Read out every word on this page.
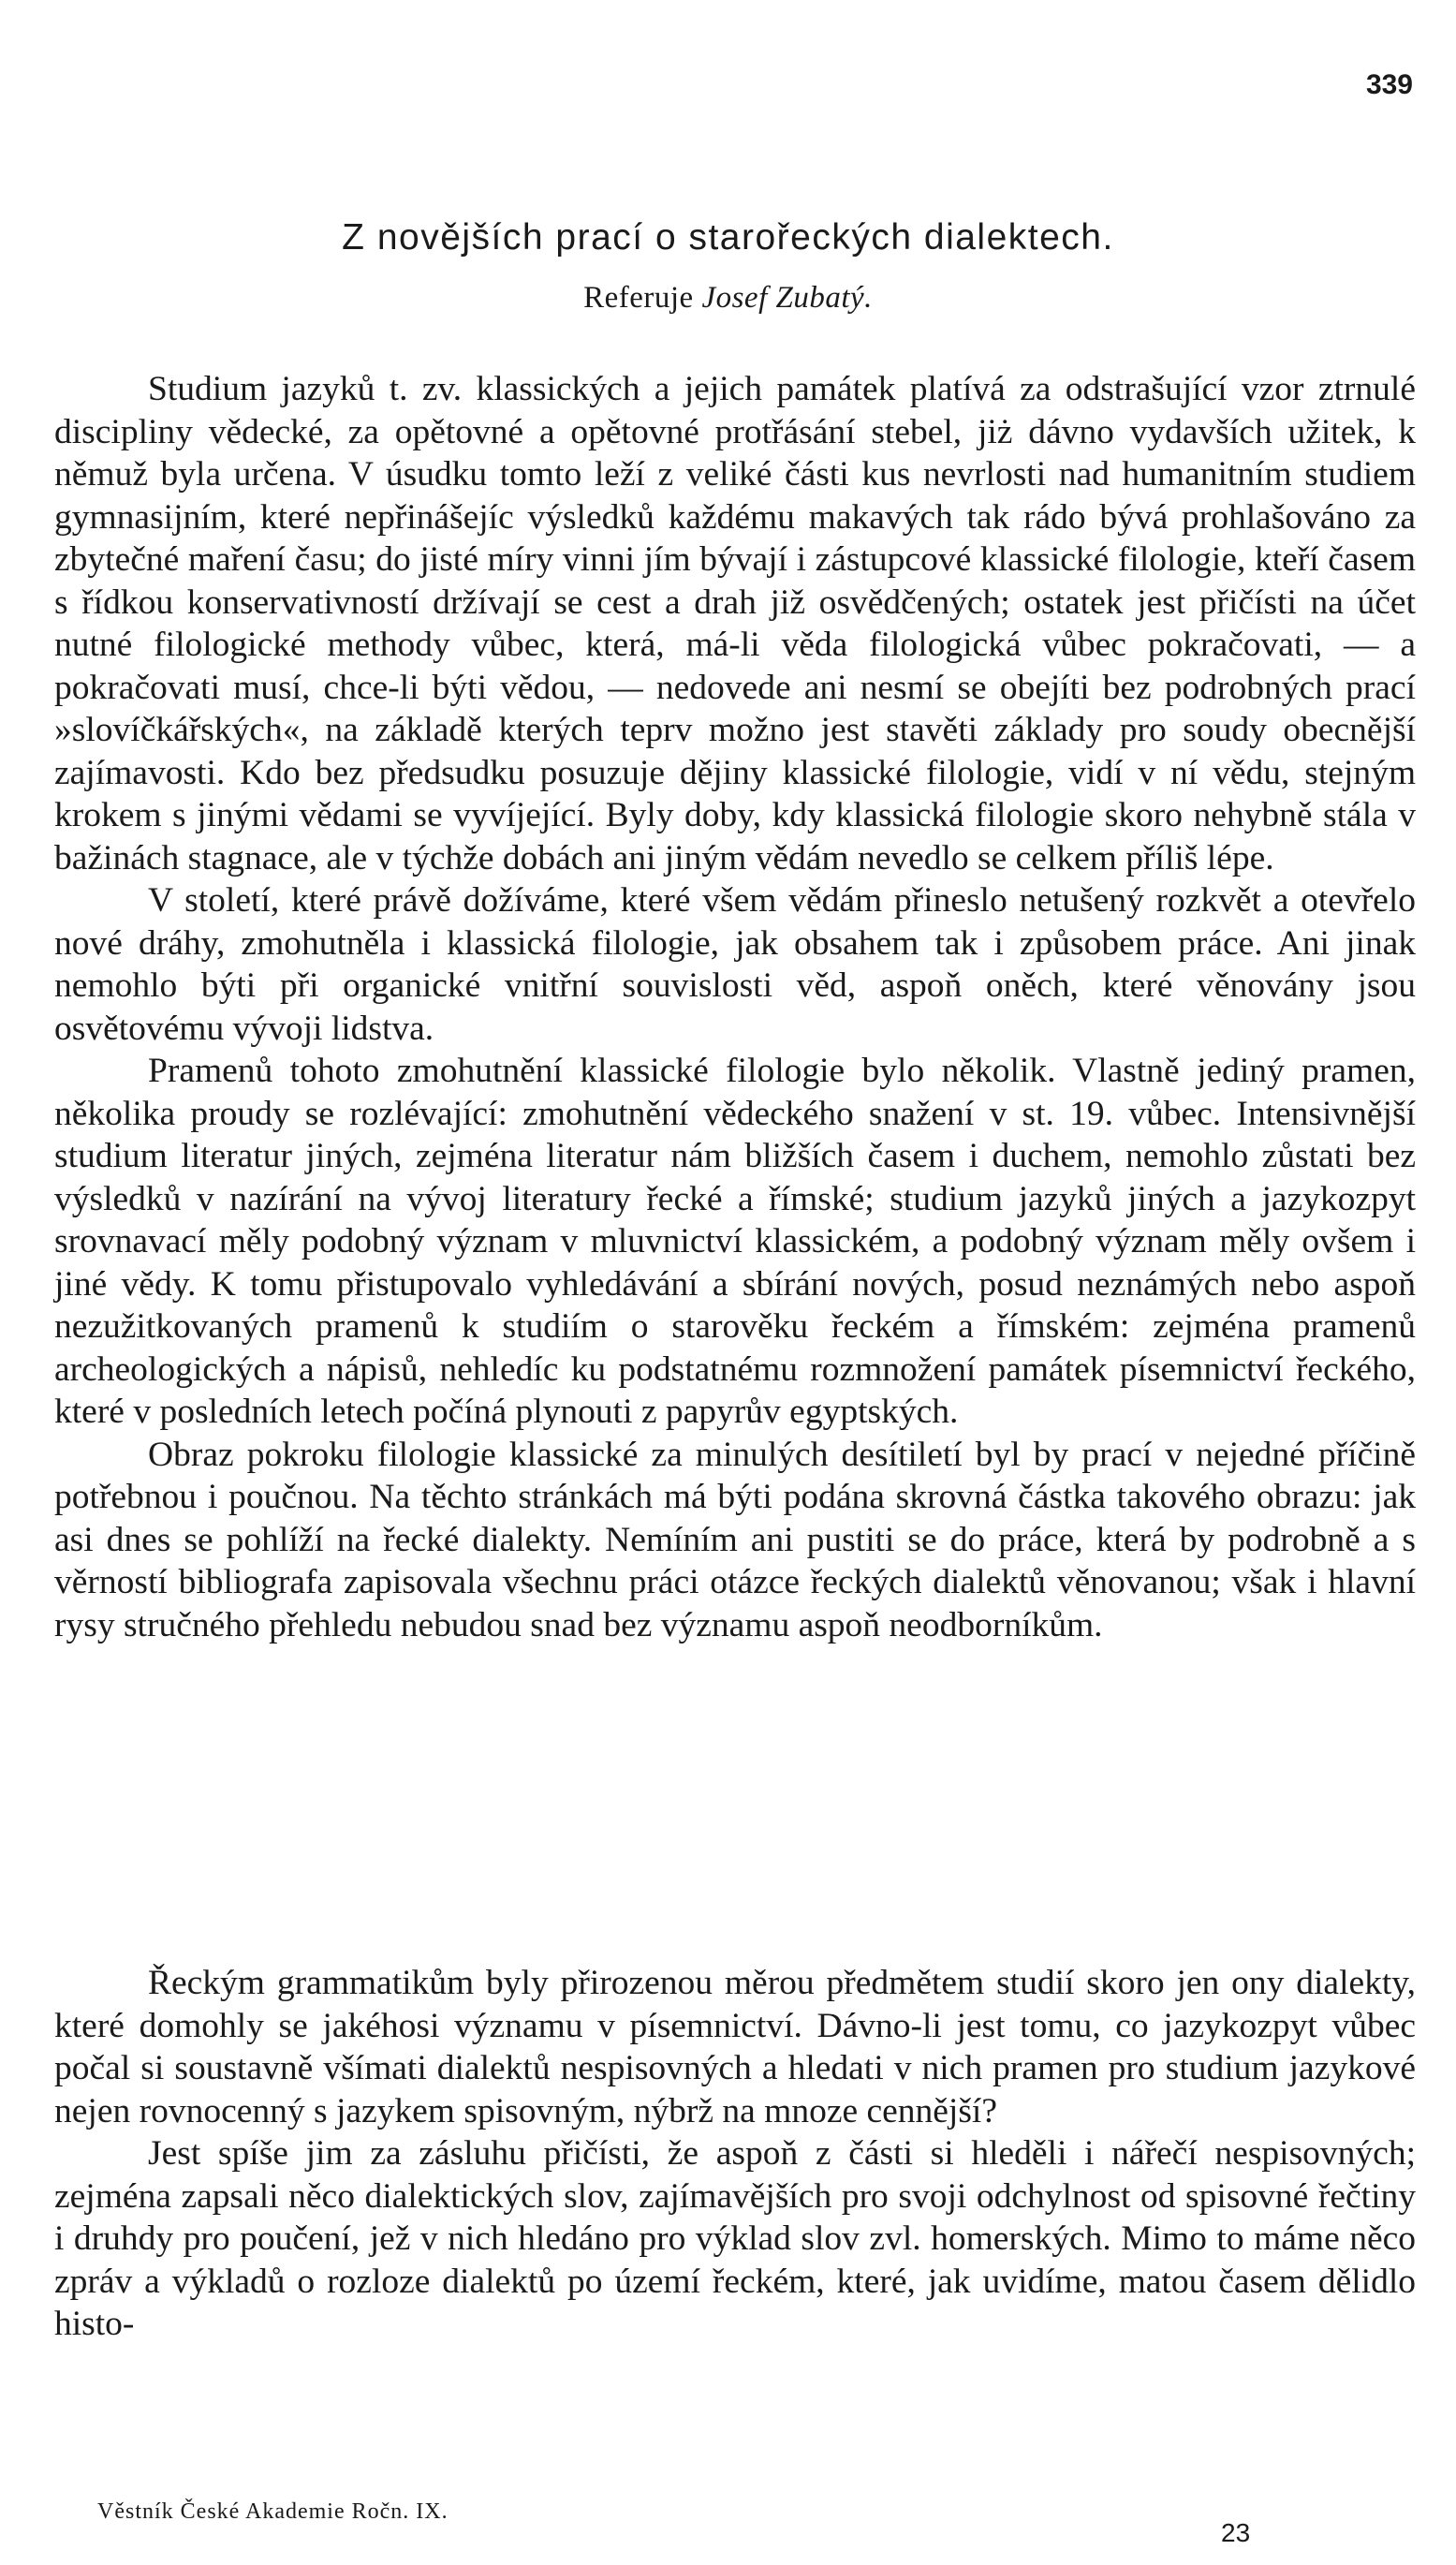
339
Z novějších prací o starořeckých dialektech.
Referuje Josef Zubatý.

Studium jazyků t. zv. klassických a jejich památek platívá za odstrašující vzor ztrnulé discipliny vědecké, za opětovné a opětovné protřásání stebel, jiż dávno vydavších užitek, k němuž byla určena. V úsudku tomto leží z veliké části kus nevrlosti nad humanitním studiem gymnasijním, které nepřinášejíc výsledků každému makavých tak rádo bývá prohlašováno za zbytečné maření času; do jisté míry vinni jím bývají i zástupcové klassické filologie, kteří časem s řídkou konservativností držívají se cest a drah již osvědčených; ostatek jest přičísti na účet nutné filologické methody vůbec, která, má-li věda filologická vůbec pokračovati, — a pokračovati musí, chce-li býti vědou, — nedovede ani nesmí se obejíti bez podrobných prací »slovíčkářských«, na základě kterých teprv možno jest stavěti základy pro soudy obecnější zajímavosti. Kdo bez předsudku posuzuje dějiny klassické filologie, vidí v ní vědu, stejným krokem s jinými vědami se vyvíjející. Byly doby, kdy klassická filologie skoro nehybně stála v bažinách stagnace, ale v týchže dobách ani jiným vědám nevedlo se celkem příliš lépe.

V století, které právě dožíváme, které všem vědám přineslo netušený rozkvět a otevřelo nové dráhy, zmohutněla i klassická filologie, jak obsahem tak i způsobem práce. Ani jinak nemohlo býti při organické vnitřní souvislosti věd, aspoň oněch, které věnovány jsou osvětovému vývoji lidstva.

Pramenů tohoto zmohutnění klassické filologie bylo několik. Vlastně jediný pramen, několika proudy se rozlévající: zmohutnění vědeckého snažení v st. 19. vůbec. Intensivnější studium literatur jiných, zejména literatur nám bližších časem i duchem, nemohlo zůstati bez výsledků v nazírání na vývoj literatury řecké a římské; studium jazyků jiných a jazykozpyt srovnavací měly podobný význam v mluvnictví klassickém, a podobný význam měly ovšem i jiné vědy. K tomu přistupovalo vyhledávání a sbírání nových, posud neznámých nebo aspoň nezužitkovaných pramenů k studiím o starověku řeckém a římském: zejména pramenů archeologických a nápisů, nehledíc ku podstatnému rozmnožení památek písemnictví řeckého, které v posledních letech počíná plynouti z papyrův egyptských.

Obraz pokroku filologie klassické za minulých desítiletí byl by prací v nejedné příčině potřebnou i poučnou. Na těchto stránkách má býti podána skrovná částka takového obrazu: jak asi dnes se pohlíží na řecké dialekty. Nemíním ani pustiti se do práce, která by podrobně a s věrností bibliografa zapisovala všechnu práci otázce řeckých dialektů věnovanou; však i hlavní rysy stručného přehledu nebudou snad bez významu aspoň neodborníkům.

Řeckým grammatikům byly přirozenou měrou předmětem studií skoro jen ony dialekty, které domohly se jakéhosi významu v písemnictví. Dávno-li jest tomu, co jazykozpyt vůbec počal si soustavně všímati dialektů nespisovných a hledati v nich pramen pro studium jazykové nejen rovnocenný s jazykem spisovným, nýbrž na mnoze cennější?

Jest spíše jim za zásluhu přičísti, že aspoň z části si hleděli i nářečí nespisovných; zejména zapsali něco dialektických slov, zajímavějších pro svoji odchylnost od spisovné řečtiny i druhdy pro poučení, jež v nich hledáno pro výklad slov zvl. homerských. Mimo to máme něco zpráv a výkladů o rozloze dialektů po území řeckém, které, jak uvidíme, matou časem dělidlo histo-

Věstník České Akademie Ročn. IX.
23
